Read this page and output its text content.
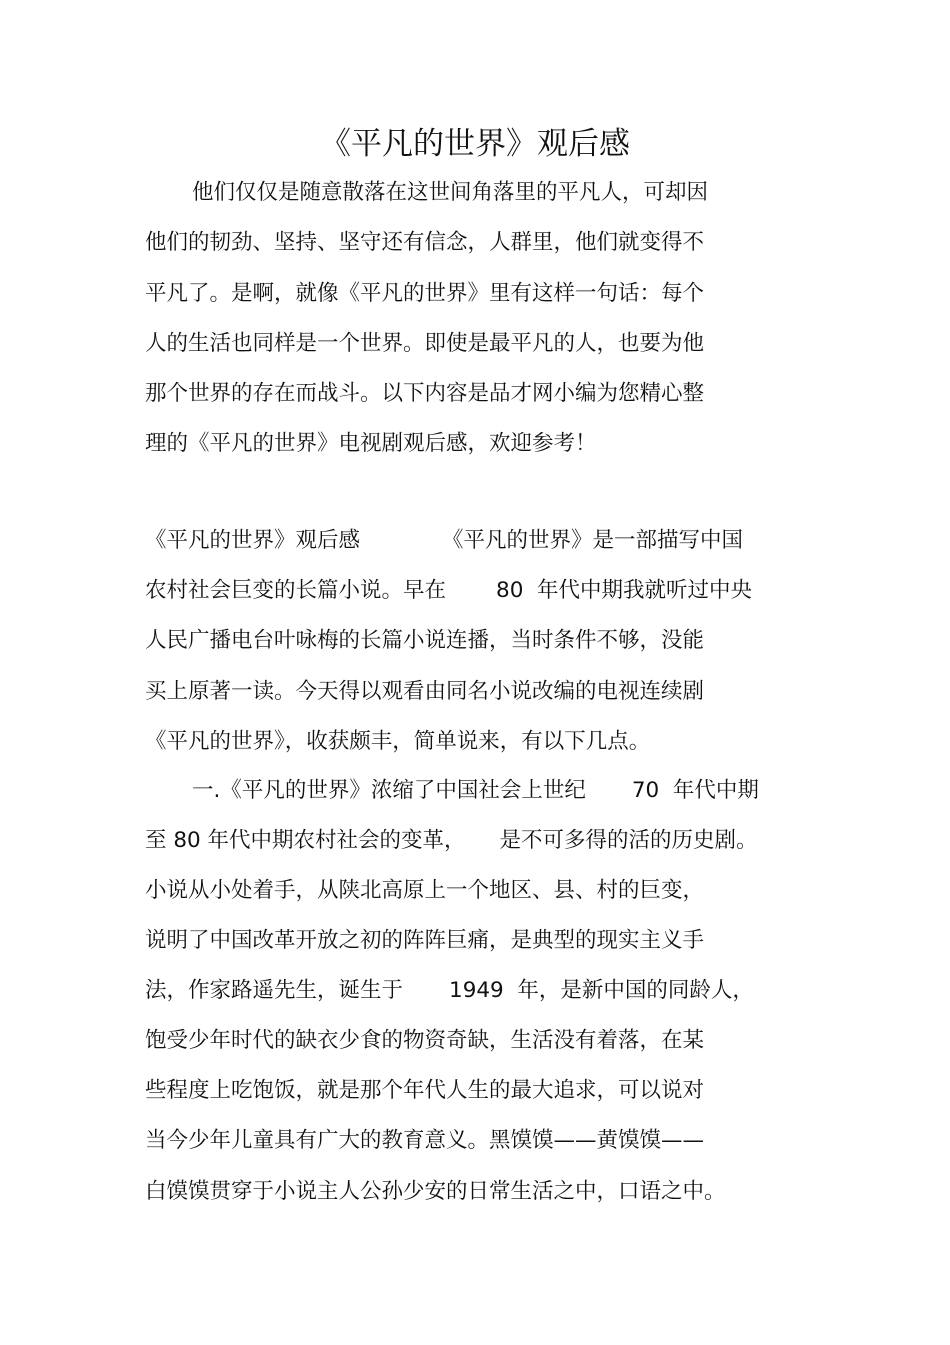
《平凡的世界》观后感
他们仅仅是随意散落在这世间角落里的平凡人，可却因
他们的韧劲、坚持、坚守还有信念，人群里，他们就变得不
平凡了。是啊，就像《平凡的世界》里有这样一句话：每个
人的生活也同样是一个世界。即使是最平凡的人，也要为他
那个世界的存在而战斗。以下内容是品才网小编为您精心整
理的《平凡的世界》电视剧观后感，欢迎参考！
《平凡的世界》观后感	《平凡的世界》是一部描写中国
农村社会巨变的长篇小说。早在 80  年代中期我就听过中央
人民广播电台叶咏梅的长篇小说连播，当时条件不够，没能
买上原著一读。今天得以观看由同名小说改编的电视连续剧
《平凡的世界》，收获颇丰，简单说来，有以下几点。
一.《平凡的世界》浓缩了中国社会上世纪 70  年代中期
至 80 年代中期农村社会的变革， 是不可多得的活的历史剧。
小说从小处着手，从陕北高原上一个地区、县、村的巨变，
说明了中国改革开放之初的阵阵巨痛，是典型的现实主义手
法，作家路遥先生，诞生于 1949  年，是新中国的同龄人，
饱受少年时代的缺衣少食的物资奇缺，生活没有着落，在某
些程度上吃饱饭，就是那个年代人生的最大追求，可以说对
当今少年儿童具有广大的教育意义。黑馍馍——黄馍馍——
白馍馍贯穿于小说主人公孙少安的日常生活之中，口语之中。
